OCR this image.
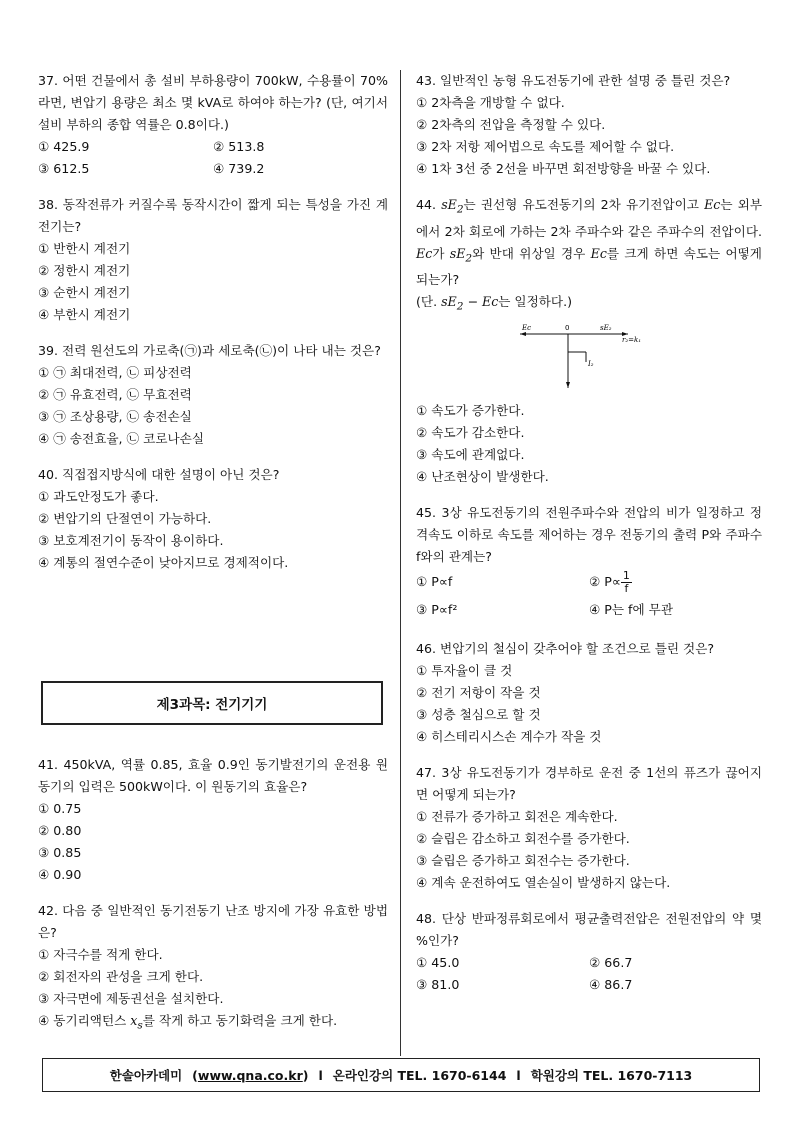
37. 어떤 건물에서 총 설비 부하용량이 700kW, 수용률이 70%라면, 변압기 용량은 최소 몇 kVA로 하여야 하는가? (단, 여기서 설비 부하의 종합 역률은 0.8이다.)
① 425.9	② 513.8
③ 612.5	④ 739.2
38. 동작전류가 커질수록 동작시간이 짧게 되는 특성을 가진 계전기는?
① 반한시 계전기
② 정한시 계전기
③ 순한시 계전기
④ 부한시 계전기
39. 전력 원선도의 가로축(㉠)과 세로축(㉡)이 나타 내는 것은?
① ㉠ 최대전력, ㉡ 피상전력
② ㉠ 유효전력, ㉡ 무효전력
③ ㉠ 조상용량, ㉡ 송전손실
④ ㉠ 송전효율, ㉡ 코로나손실
40. 직접접지방식에 대한 설명이 아닌 것은?
① 과도안정도가 좋다.
② 변압기의 단절연이 가능하다.
③ 보호계전기이 동작이 용이하다.
④ 계통의 절연수준이 낮아지므로 경제적이다.
제3과목: 전기기기
41. 450kVA, 역률 0.85, 효율 0.9인 동기발전기의 운전용 원동기의 입력은 500kW이다. 이 원동기의 효율은?
① 0.75
② 0.80
③ 0.85
④ 0.90
42. 다음 중 일반적인 동기전동기 난조 방지에 가장 유효한 방법은?
① 자극수를 적게 한다.
② 회전자의 관성을 크게 한다.
③ 자극면에 제동권선을 설치한다.
④ 동기리액턴스 $x_s$를 작게 하고 동기화력을 크게 한다.
43. 일반적인 농형 유도전동기에 관한 설명 중 틀린 것은?
① 2차측을 개방할 수 없다.
② 2차측의 전압을 측정할 수 있다.
③ 2차 저항 제어법으로 속도를 제어할 수 없다.
④ 1차 3선 중 2선을 바꾸면 회전방향을 바꿀 수 있다.
44. $sE_2$는 권선형 유도전동기의 2차 유기전압이고 Ec는 외부에서 2차 회로에 가하는 2차 주파수와 같은 주파수의 전압이다. Ec가 $sE_2$와 반대 위상일 경우 Ec를 크게 하면 속도는 어떻게 되는가?
(단. $sE_2 - Ec$는 일정하다.)
Ec	0	sE₂
I₂
r₂=k₁
① 속도가 증가한다.
② 속도가 감소한다.
③ 속도에 관계없다.
④ 난조현상이 발생한다.
45. 3상 유도전동기의 전원주파수와 전압의 비가 일정하고 정격속도 이하로 속도를 제어하는 경우 전동기의 출력 P와 주파수 f와의 관계는?
① P∝f	② $P\propto \frac{1}{f}$
③ P∝f²	④ P는 f에 무관
46. 변압기의 철심이 갖추어야 할 조건으로 틀린 것은?
① 투자율이 클 것
② 전기 저항이 작을 것
③ 성층 철심으로 할 것
④ 히스테리시스손 계수가 작을 것
47. 3상 유도전동기가 경부하로 운전 중 1선의 퓨즈가 끊어지면 어떻게 되는가?
① 전류가 증가하고 회전은 계속한다.
② 슬립은 감소하고 회전수를 증가한다.
③ 슬립은 증가하고 회전수는 증가한다.
④ 계속 운전하여도 열손실이 발생하지 않는다.
48. 단상 반파정류회로에서 평균출력전압은 전원전압의 약 몇 %인가?
① 45.0	② 66.7
③ 81.0	④ 86.7
한솔아카데미 (www.qna.co.kr) l 온라인강의 TEL. 1670-6144 l 학원강의 TEL. 1670-7113
